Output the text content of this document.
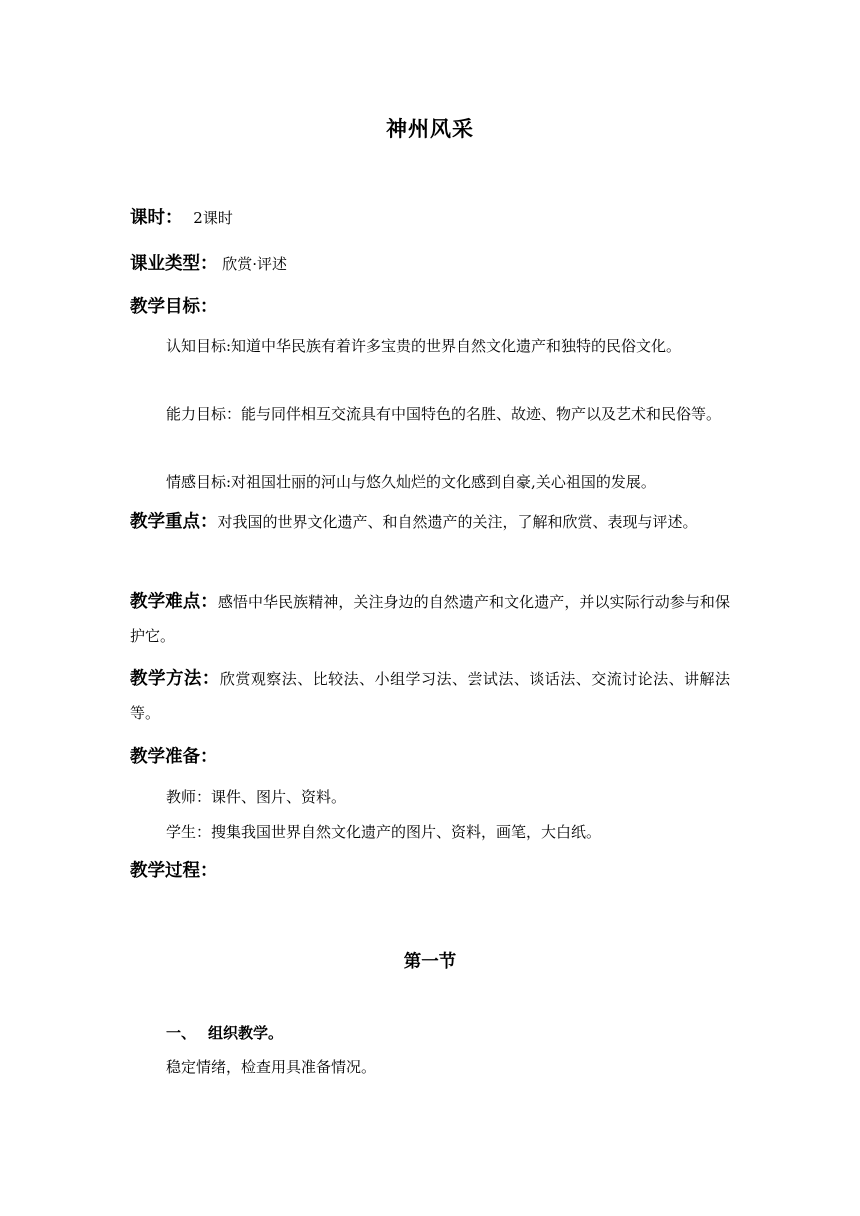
神州风采
课时： 2课时
课业类型： 欣赏·评述
教学目标：
认知目标:知道中华民族有着许多宝贵的世界自然文化遗产和独特的民俗文化。
能力目标：能与同伴相互交流具有中国特色的名胜、故迹、物产以及艺术和民俗等。
情感目标:对祖国壮丽的河山与悠久灿烂的文化感到自豪,关心祖国的发展。
教学重点：对我国的世界文化遗产、和自然遗产的关注，了解和欣赏、表现与评述。
教学难点：感悟中华民族精神，关注身边的自然遗产和文化遗产，并以实际行动参与和保护它。
教学方法：欣赏观察法、比较法、小组学习法、尝试法、谈话法、交流讨论法、讲解法等。
教学准备：
教师：课件、图片、资料。
学生：搜集我国世界自然文化遗产的图片、资料，画笔，大白纸。
教学过程：
第一节
一、 组织教学。
稳定情绪，检查用具准备情况。
